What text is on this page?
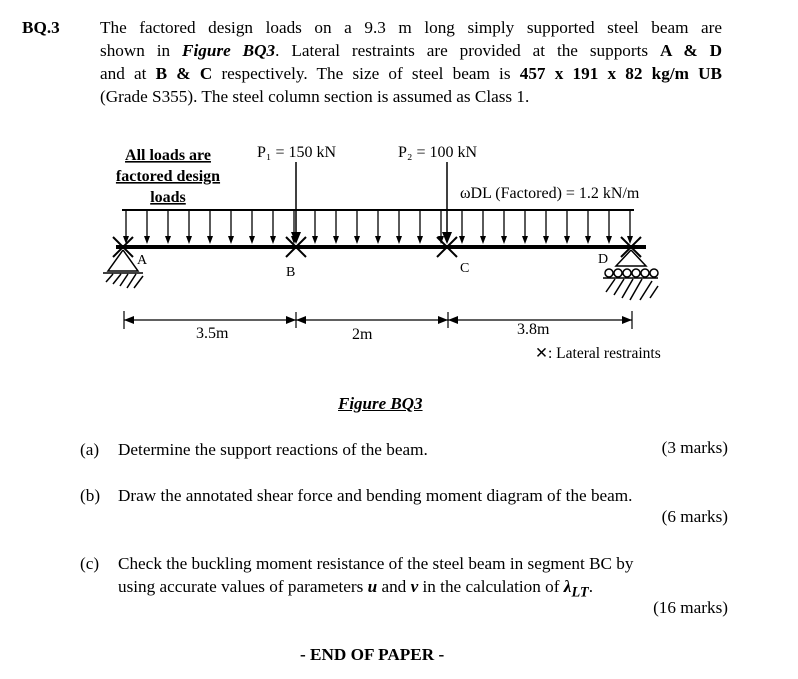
BQ.3 The factored design loads on a 9.3 m long simply supported steel beam are
shown in Figure BQ3. Lateral restraints are provided at the supports A & D
and at B & C respectively. The size of steel beam is 457 x 191 x 82 kg/m UB
(Grade S355). The steel column section is assumed as Class 1.
All loads are
factored design
loads
P₁ = 150 kN	P₂ = 100 kN
ωDL (Factored) = 1.2 kN/m
A
B	C
D
3.5m	2m	3.8m
✕: Lateral restraints
Figure BQ3
(a) Determine the support reactions of the beam.	(3 marks)
(b) Draw the annotated shear force and bending moment diagram of the beam.
(6 marks)
(c) Check the buckling moment resistance of the steel beam in segment BC by
using accurate values of parameters u and v in the calculation of $\lambda_{LT}$.
(16 marks)
- END OF PAPER -
